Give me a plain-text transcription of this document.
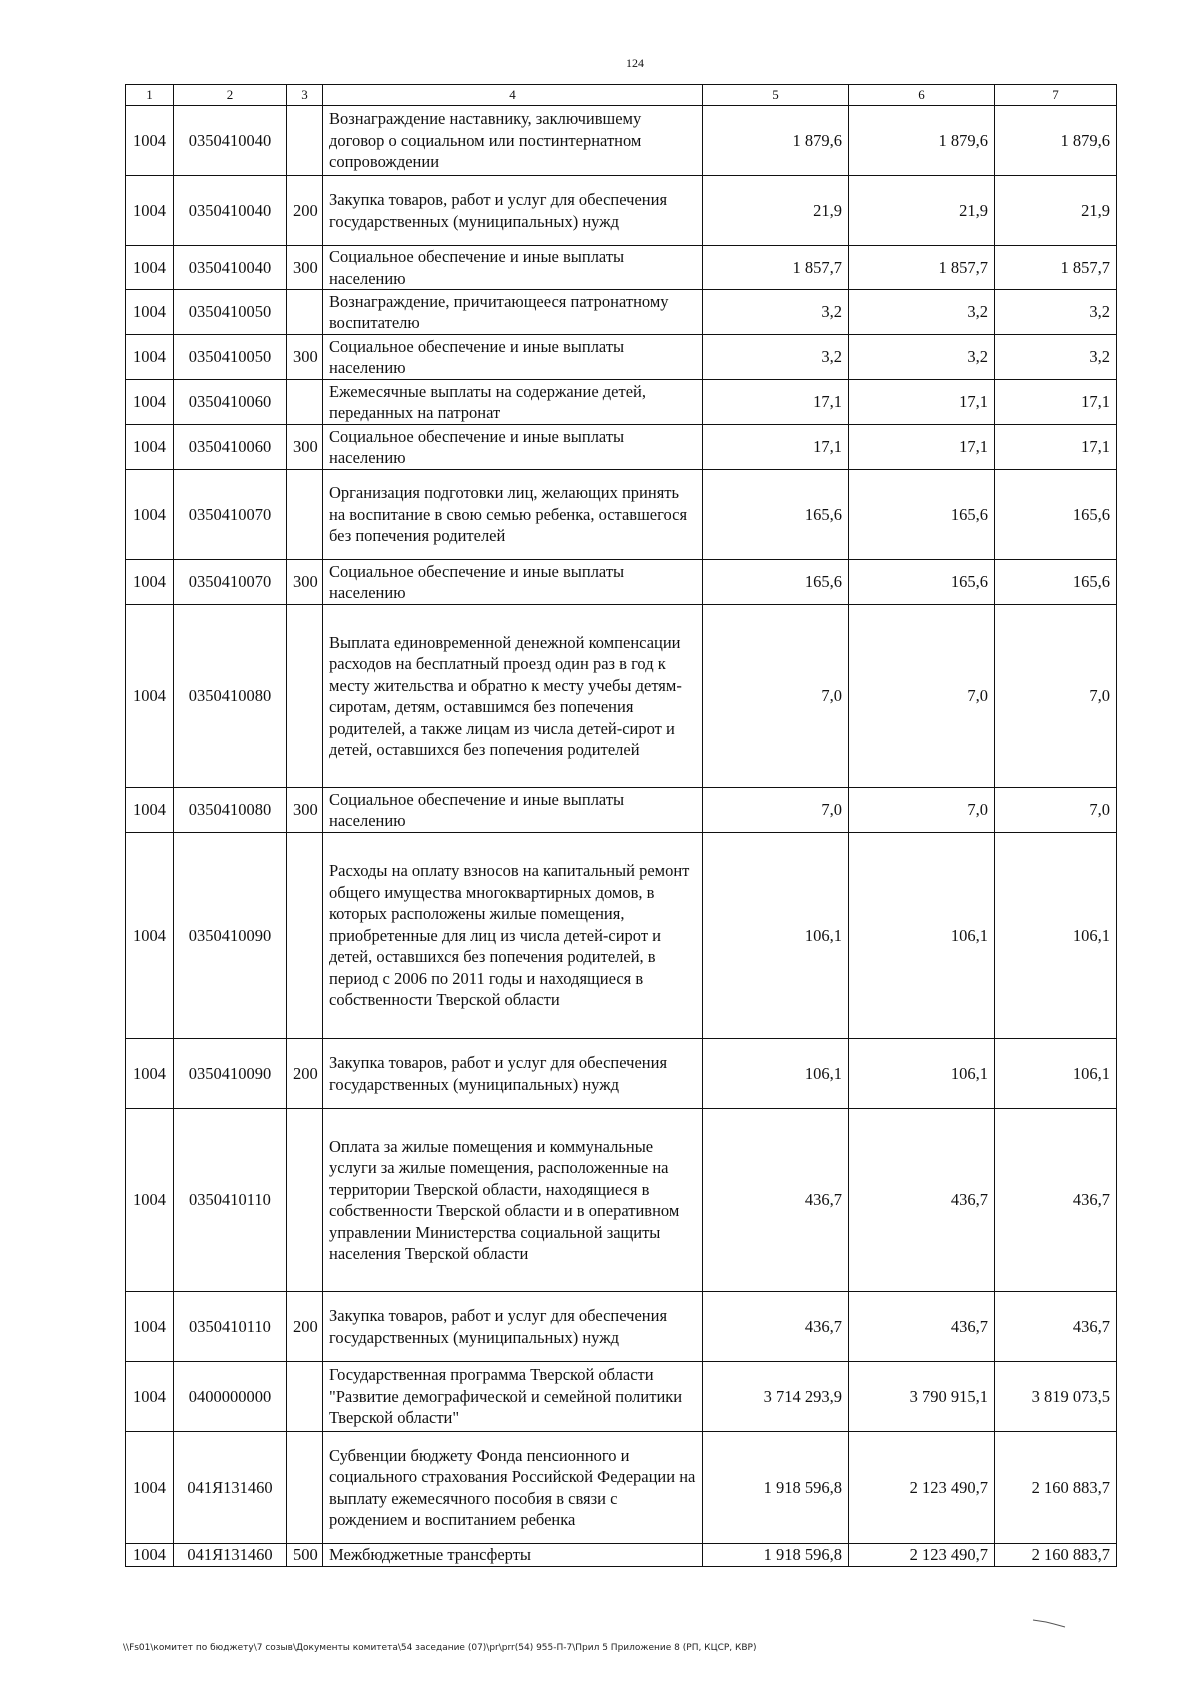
124
1	2	3	4	5	6	7
1004	0350410040		Вознаграждение наставнику, заключившему договор о социальном или постинтернатном сопровождении	1 879,6	1 879,6	1 879,6
1004	0350410040	200	Закупка товаров, работ и услуг для обеспечения государственных (муниципальных) нужд	21,9	21,9	21,9
1004	0350410040	300	Социальное обеспечение и иные выплаты населению	1 857,7	1 857,7	1 857,7
1004	0350410050		Вознаграждение, причитающееся патронатному воспитателю	3,2	3,2	3,2
1004	0350410050	300	Социальное обеспечение и иные выплаты населению	3,2	3,2	3,2
1004	0350410060		Ежемесячные выплаты на содержание детей, переданных на патронат	17,1	17,1	17,1
1004	0350410060	300	Социальное обеспечение и иные выплаты населению	17,1	17,1	17,1
1004	0350410070		Организация подготовки лиц, желающих принять на воспитание в свою семью ребенка, оставшегося без попечения родителей	165,6	165,6	165,6
1004	0350410070	300	Социальное обеспечение и иные выплаты населению	165,6	165,6	165,6
1004	0350410080		Выплата единовременной денежной компенсации расходов на бесплатный проезд один раз в год к месту жительства и обратно к месту учебы детям-сиротам, детям, оставшимся без попечения родителей, а также лицам из числа детей-сирот и детей, оставшихся без попечения родителей	7,0	7,0	7,0
1004	0350410080	300	Социальное обеспечение и иные выплаты населению	7,0	7,0	7,0
1004	0350410090		Расходы на оплату взносов на капитальный ремонт общего имущества многоквартирных домов, в которых расположены жилые помещения, приобретенные для лиц из числа детей-сирот и детей, оставшихся без попечения родителей, в период с 2006 по 2011 годы и находящиеся в собственности Тверской области	106,1	106,1	106,1
1004	0350410090	200	Закупка товаров, работ и услуг для обеспечения государственных (муниципальных) нужд	106,1	106,1	106,1
1004	0350410110		Оплата за жилые помещения и коммунальные услуги за жилые помещения, расположенные на территории Тверской области, находящиеся в собственности Тверской области и в оперативном управлении Министерства социальной защиты населения Тверской области	436,7	436,7	436,7
1004	0350410110	200	Закупка товаров, работ и услуг для обеспечения государственных (муниципальных) нужд	436,7	436,7	436,7
1004	0400000000		Государственная программа Тверской области "Развитие демографической и семейной политики Тверской области"	3 714 293,9	3 790 915,1	3 819 073,5
1004	041Я131460		Субвенции бюджету Фонда пенсионного и социального страхования Российской Федерации на выплату ежемесячного пособия в связи с рождением и воспитанием ребенка	1 918 596,8	2 123 490,7	2 160 883,7
1004	041Я131460	500	Межбюджетные трансферты	1 918 596,8	2 123 490,7	2 160 883,7
\\Fs01\комитет по бюджету\7 созыв\Документы комитета\54 заседание (07)\pr\prr(54) 955-П-7\Прил 5 Приложение 8 (РП, КЦСР, КВР)
